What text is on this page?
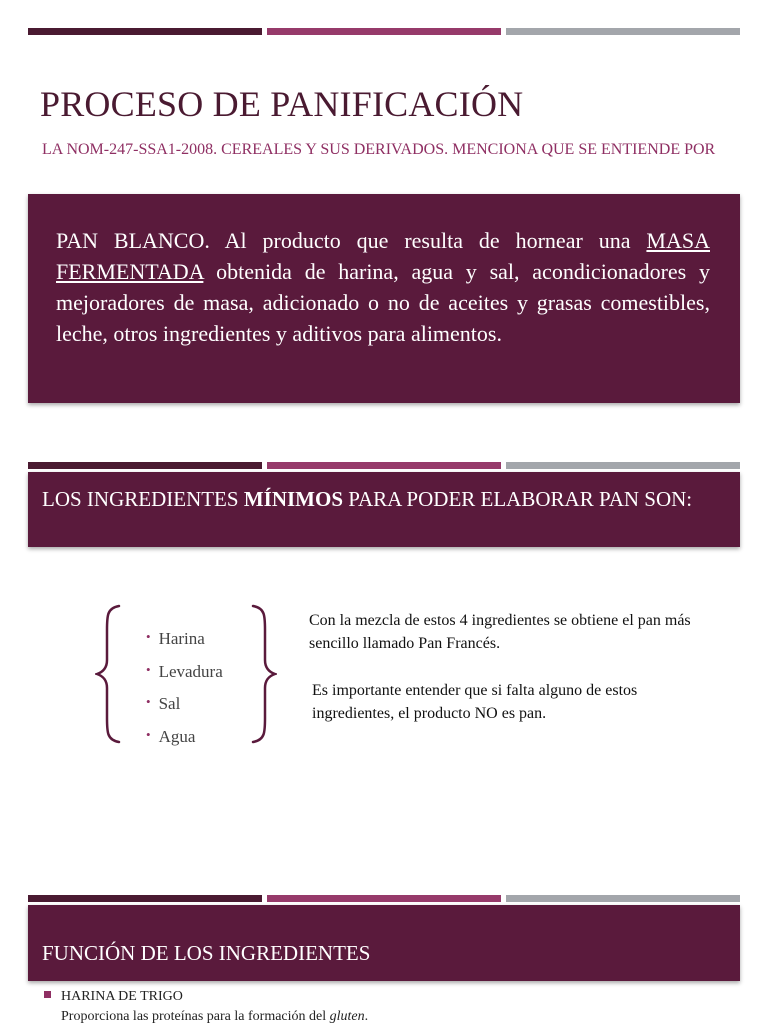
PROCESO DE PANIFICACIÓN
LA NOM-247-SSA1-2008. CEREALES Y SUS DERIVADOS. MENCIONA QUE SE ENTIENDE POR
PAN BLANCO. Al producto que resulta de hornear una MASA FERMENTADA obtenida de harina, agua y sal, acondicionadores y mejoradores de masa, adicionado o no de aceites y grasas comestibles, leche, otros ingredientes y aditivos para alimentos.
LOS INGREDIENTES MÍNIMOS PARA PODER ELABORAR PAN SON:
• Harina
• Levadura
• Sal
• Agua
Con la mezcla de estos 4 ingredientes se obtiene el pan más sencillo llamado Pan Francés.
Es importante entender que si falta alguno de estos ingredientes, el producto NO es pan.
FUNCIÓN DE LOS INGREDIENTES
HARINA DE TRIGO
Proporciona las proteínas para la formación del gluten.
